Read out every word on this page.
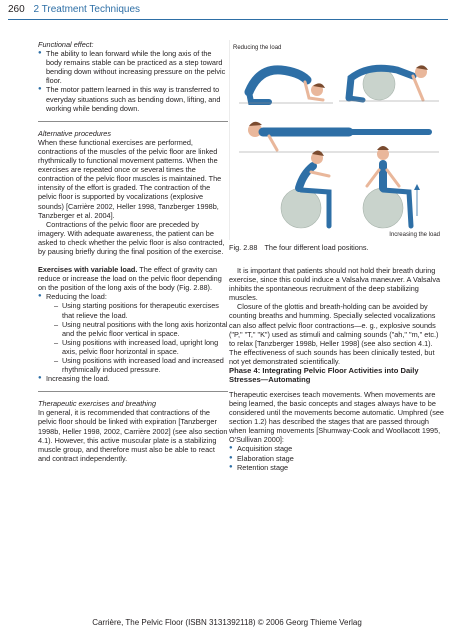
260 2 Treatment Techniques

Functional effect:

● The ability to lean forward while the long axis of the body remains stable can be practiced as a step toward bending down without increasing pressure on the pelvic floor.
● The motor pattern learned in this way is transferred to everyday situations such as bending down, lifting, and working while bending down.

Alternative procedures

When these functional exercises are performed, contractions of the muscles of the pelvic floor are linked rhythmically to functional movement patterns. When the exercises are repeated once or several times the contraction of the pelvic floor muscles is maintained. The intensity of the effort is graded. The contraction of the pelvic floor is supported by vocalizations (explosive sounds) [Carrière 2002, Heller 1998, Tanzberger 1998b, Tanzberger et al. 2004].

Contractions of the pelvic floor are preceded by imagery. With adequate awareness, the patient can be asked to check whether the pelvic floor is also contracted, by pausing briefly during the final position of the exercise.

Exercises with variable load. The effect of gravity can reduce or increase the load on the pelvic floor depending on the position of the long axis of the body (Fig. 2.88).

● Reducing the load:
– Using starting positions for therapeutic exercises that relieve the load.
– Using neutral positions with the long axis horizontal and the pelvic floor vertical in space.
– Using positions with increased load, upright long axis, pelvic floor horizontal in space.
– Using positions with increased load and increased rhythmically induced pressure.
● Increasing the load.

Therapeutic exercises and breathing

In general, it is recommended that contractions of the pelvic floor should be linked with expiration [Tanzberger 1998b, Heller 1998, 2002, Carrière 2002] (see also section 4.1). However, this active muscular plate is a stabilizing muscle group, and therefore must also be able to react and contract independently.

Reducing the load
Increasing the load
Fig. 2.88 The four different load positions.

It is important that patients should not hold their breath during exercise, since this could induce a Valsalva maneuver. A Valsalva inhibits the spontaneous recruitment of the deep stabilizing muscles.

Closure of the glottis and breath-holding can be avoided by counting breaths and humming. Specially selected vocalizations can also affect pelvic floor contractions—e. g., explosive sounds ("P," "T," "K") used as stimuli and calming sounds ("ah," "m," etc.) to relax [Tanzberger 1998b, Heller 1998] (see also section 4.1). The effectiveness of such sounds has been clinically tested, but not yet demonstrated scientifically.

Phase 4: Integrating Pelvic Floor Activities into Daily Stresses—Automating

Therapeutic exercises teach movements. When movements are being learned, the basic concepts and stages always have to be considered until the movements become automatic. Umphred (see section 1.2) has described the stages that are passed through when learning movements [Shumway-Cook and Woollacott 1995, O'Sullivan 2000]:

● Acquisition stage
● Elaboration stage
● Retention stage
Carrière, The Pelvic Floor (ISBN 3131392118) © 2006 Georg Thieme Verlag
